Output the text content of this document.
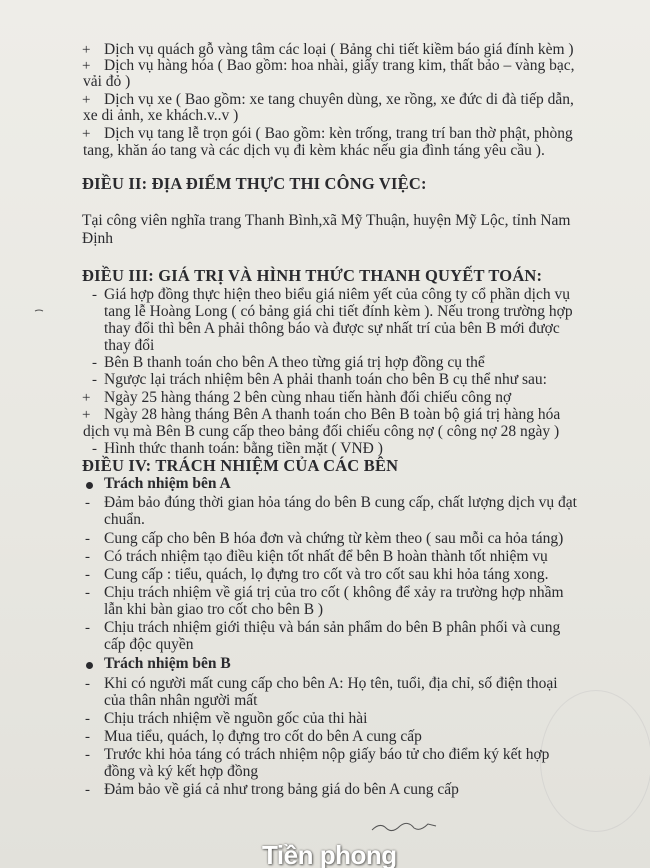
+ Dịch vụ quách gỗ vàng tâm các loại ( Bảng chi tiết kiềm báo giá đính kèm )
+ Dịch vụ hàng hóa ( Bao gồm: hoa nhài, giấy trang kim, thất bảo – vàng bạc,
vải đỏ )
+ Dịch vụ xe ( Bao gồm: xe tang chuyên dùng, xe rồng, xe đức di đà tiếp dẫn,
xe di ảnh, xe khách.v..v )
+ Dịch vụ tang lễ trọn gói ( Bao gồm: kèn trống, trang trí ban thờ phật, phòng
tang, khăn áo tang và các dịch vụ đi kèm khác nếu gia đình táng yêu cầu ).
ĐIỀU II: ĐỊA ĐIỂM THỰC THI CÔNG VIỆC:
Tại công viên nghĩa trang Thanh Bình,xã Mỹ Thuận, huyện Mỹ Lộc, tỉnh Nam
Định
ĐIỀU III: GIÁ TRỊ VÀ HÌNH THỨC THANH QUYẾT TOÁN:
- Giá hợp đồng thực hiện theo biểu giá niêm yết của công ty cổ phần dịch vụ
tang lễ Hoàng Long ( có bảng giá chi tiết đính kèm ). Nếu trong trường hợp
thay đổi thì bên A phải thông báo và được sự nhất trí của bên B mới được
thay đổi
- Bên B thanh toán cho bên A theo từng giá trị hợp đồng cụ thể
- Ngược lại trách nhiệm bên A phải thanh toán cho bên B cụ thể như sau:
+ Ngày 25 hàng tháng 2 bên cùng nhau tiến hành đối chiếu công nợ
+ Ngày 28 hàng tháng Bên A thanh toán cho Bên B toàn bộ giá trị hàng hóa
dịch vụ mà Bên B cung cấp theo bảng đối chiếu công nợ ( công nợ 28 ngày )
- Hình thức thanh toán: bằng tiền mặt ( VNĐ )
ĐIỀU IV: TRÁCH NHIỆM CỦA CÁC BÊN
Trách nhiệm bên A
- Đảm bảo đúng thời gian hỏa táng do bên B cung cấp, chất lượng dịch vụ đạt
chuẩn.
- Cung cấp cho bên B hóa đơn và chứng từ kèm theo ( sau mỗi ca hỏa táng)
- Có trách nhiệm tạo điều kiện tốt nhất để bên B hoàn thành tốt nhiệm vụ
- Cung cấp : tiểu, quách, lọ đựng tro cốt và tro cốt sau khi hỏa táng xong.
- Chịu trách nhiệm về giá trị của tro cốt ( không để xảy ra trường hợp nhầm
lẫn khi bàn giao tro cốt cho bên B )
- Chịu trách nhiệm giới thiệu và bán sản phẩm do bên B phân phối và cung
cấp độc quyền
Trách nhiệm bên B
- Khi có người mất cung cấp cho bên A: Họ tên, tuổi, địa chỉ, số điện thoại
của thân nhân người mất
- Chịu trách nhiệm về nguồn gốc của thi hài
- Mua tiểu, quách, lọ đựng tro cốt do bên A cung cấp
- Trước khi hỏa táng có trách nhiệm nộp giấy báo tử cho điểm ký kết hợp
đồng và ký kết hợp đồng
- Đảm bảo về giá cả như trong bảng giá do bên A cung cấp
Tiền phong
